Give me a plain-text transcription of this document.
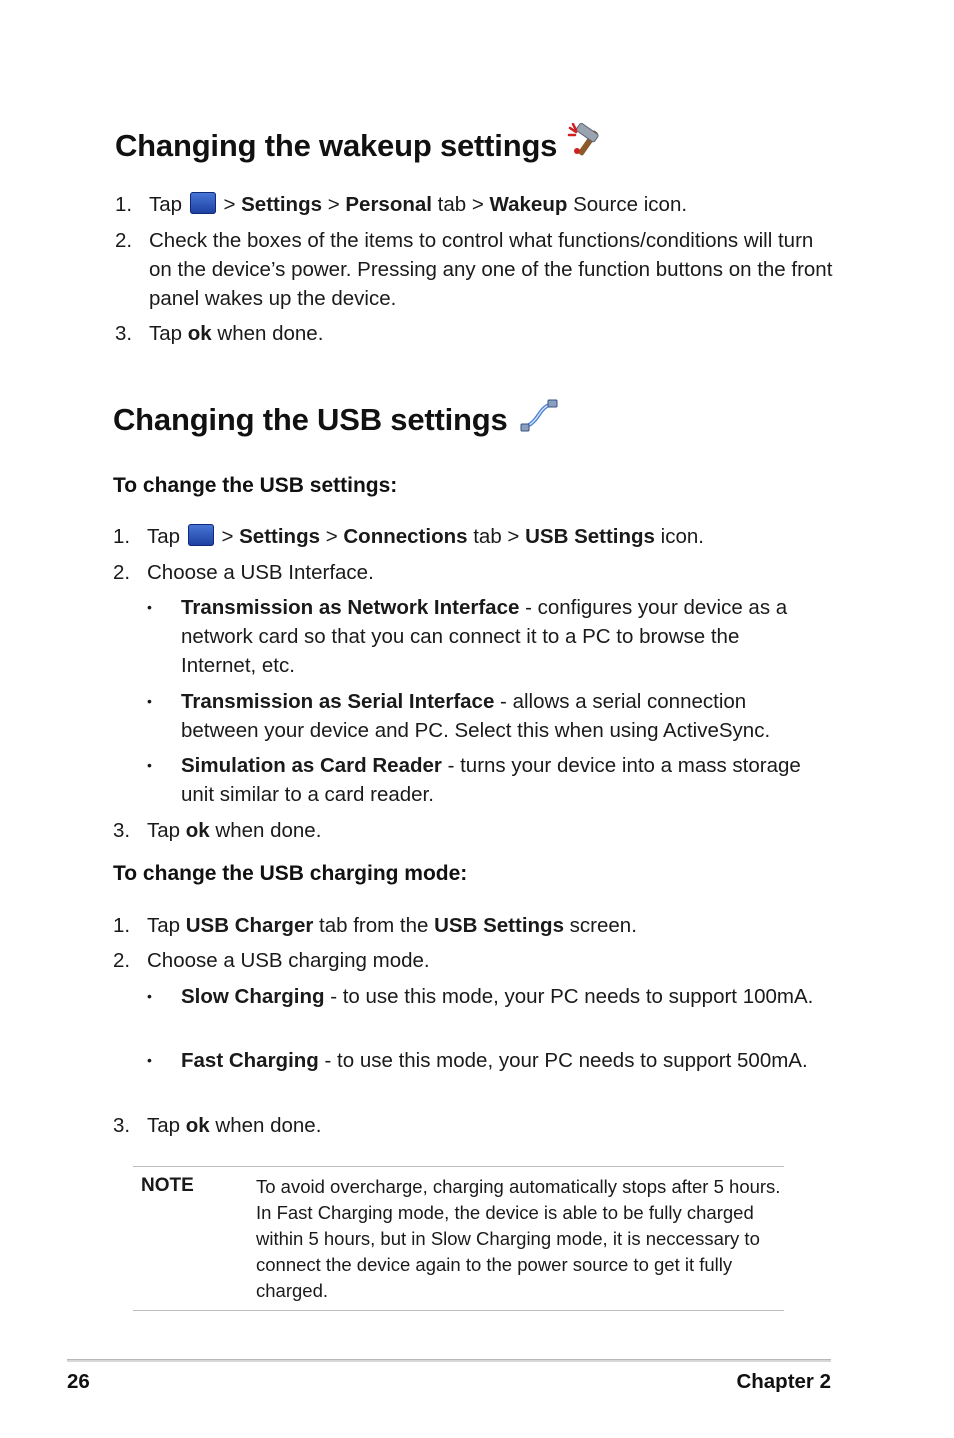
Changing the wakeup settings
1. Tap  > Settings > Personal tab > Wakeup Source icon.
2. Check the boxes of the items to control what functions/conditions will turn on the device’s power. Pressing any one of the function buttons on the front panel wakes up the device.
3. Tap ok when done.
Changing the USB settings
To change the USB settings:
1. Tap  > Settings > Connections tab > USB Settings icon.
2. Choose a USB Interface.
• Transmission as Network Interface - configures your device as a network card so that you can connect it to a PC to browse the Internet, etc.
• Transmission as Serial Interface - allows a serial connection between your device and PC. Select this when using ActiveSync.
• Simulation as Card Reader - turns your device into a mass storage unit similar to a card reader.
3. Tap ok when done.
To change the USB charging mode:
1. Tap USB Charger tab from the USB Settings screen.
2. Choose a USB charging mode.
• Slow Charging - to use this mode, your PC needs to support 100mA.
• Fast Charging - to use this mode, your PC needs to support 500mA.
3. Tap ok when done.
NOTE	To avoid overcharge, charging automatically stops after 5 hours. In Fast Charging mode, the device is able to be fully charged within 5 hours, but in Slow Charging mode, it is neccessary to connect the device again to the power source to get it fully charged.
26	Chapter 2
